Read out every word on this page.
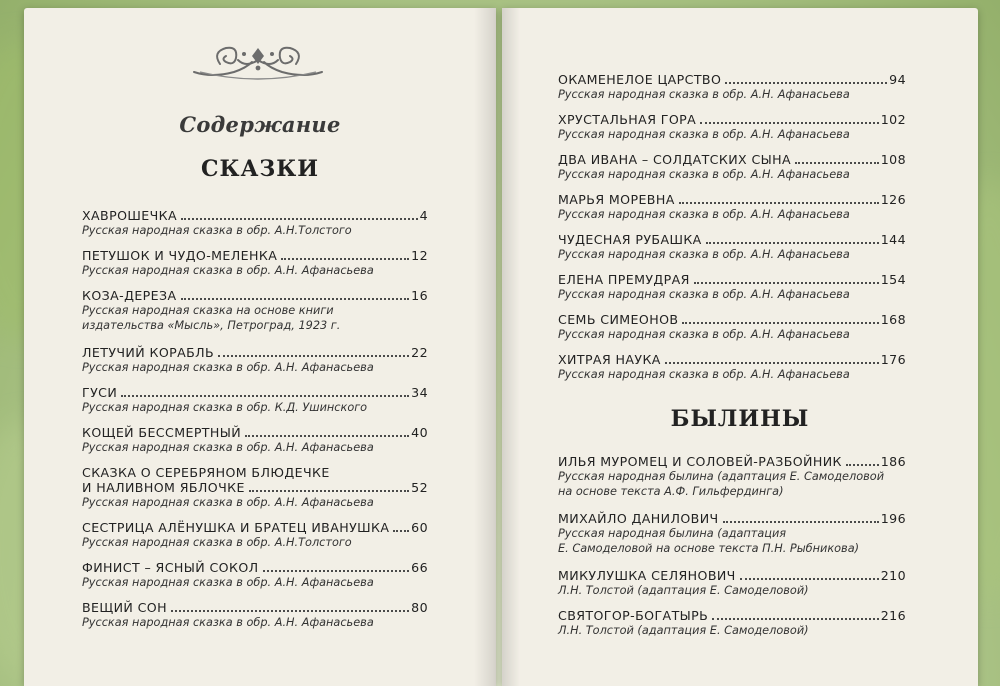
Содержание
СКАЗКИ
ХАВРОШЕЧКА	4
Русская народная сказка в обр. А.Н.Толстого
ПЕТУШОК И ЧУДО-МЕЛЕНКА	12
Русская народная сказка в обр. А.Н. Афанасьева
КОЗА-ДЕРЕЗА	16
Русская народная сказка на основе книги
издательства «Мысль», Петроград, 1923 г.
ЛЕТУЧИЙ КОРАБЛЬ	22
Русская народная сказка в обр. А.Н. Афанасьева
ГУСИ	34
Русская народная сказка в обр. К.Д. Ушинского
КОЩЕЙ БЕССМЕРТНЫЙ	40
Русская народная сказка в обр. А.Н. Афанасьева
СКАЗКА О СЕРЕБРЯНОМ БЛЮДЕЧКЕ
И НАЛИВНОМ ЯБЛОЧКЕ	52
Русская народная сказка в обр. А.Н. Афанасьева
СЕСТРИЦА АЛЁНУШКА И БРАТЕЦ ИВАНУШКА 60
Русская народная сказка в обр. А.Н.Толстого
ФИНИСТ – ЯСНЫЙ СОКОЛ	66
Русская народная сказка в обр. А.Н. Афанасьева
ВЕЩИЙ СОН	80
Русская народная сказка в обр. А.Н. Афанасьева
БЫЛИНЫ
ОКАМЕНЕЛОЕ ЦАРСТВО	94
Русская народная сказка в обр. А.Н. Афанасьева
ХРУСТАЛЬНАЯ ГОРА	102
Русская народная сказка в обр. А.Н. Афанасьева
ДВА ИВАНА – СОЛДАТСКИХ СЫНА	108
Русская народная сказка в обр. А.Н. Афанасьева
МАРЬЯ МОРЕВНА	126
Русская народная сказка в обр. А.Н. Афанасьева
ЧУДЕСНАЯ РУБАШКА	144
Русская народная сказка в обр. А.Н. Афанасьева
ЕЛЕНА ПРЕМУДРАЯ	154
Русская народная сказка в обр. А.Н. Афанасьева
СЕМЬ СИМЕОНОВ	168
Русская народная сказка в обр. А.Н. Афанасьева
ХИТРАЯ НАУКА	176
Русская народная сказка в обр. А.Н. Афанасьева
ИЛЬЯ МУРОМЕЦ И СОЛОВЕЙ-РАЗБОЙНИК	186
Русская народная былина (адаптация Е. Самоделовой
на основе текста А.Ф. Гильфердинга)
МИХАЙЛО ДАНИЛОВИЧ	196
Русская народная былина (адаптация
Е. Самоделовой на основе текста П.Н. Рыбникова)
МИКУЛУШКА СЕЛЯНОВИЧ	210
Л.Н. Толстой (адаптация Е. Самоделовой)
СВЯТОГОР-БОГАТЫРЬ	216
Л.Н. Толстой (адаптация Е. Самоделовой)
